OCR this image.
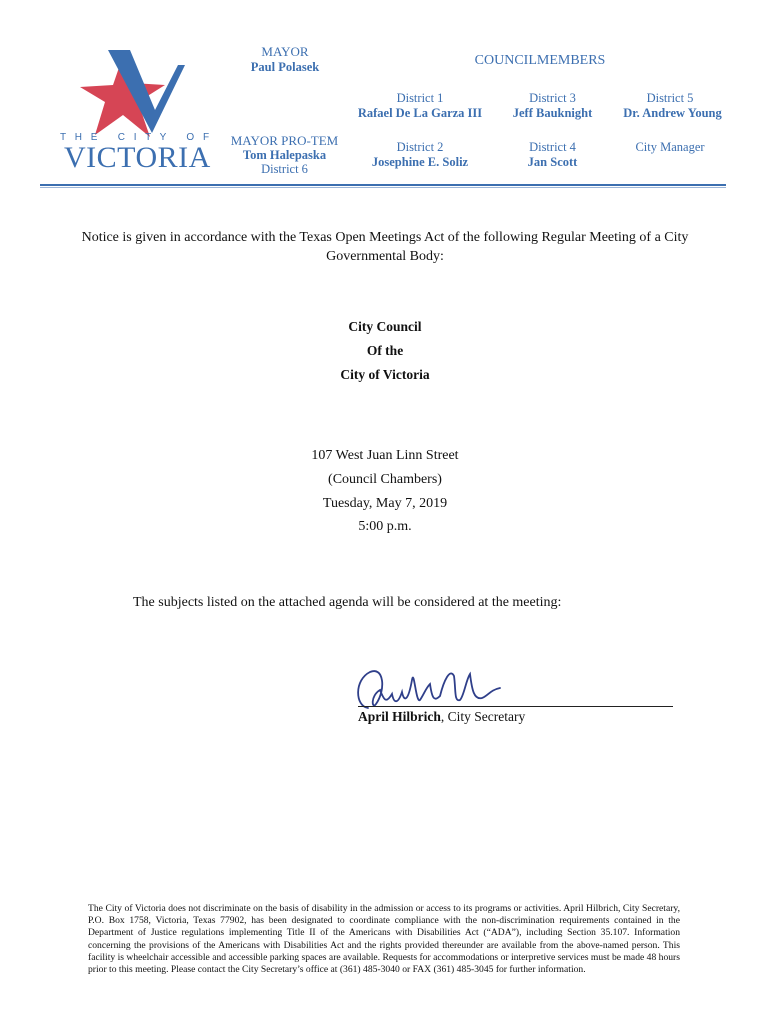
T H E   C I T Y   O F
VICTORIA
MAYOR
Paul Polasek
MAYOR PRO-TEM
Tom Halepaska
District 6
COUNCILMEMBERS
District 1
Rafael De La Garza III
District 3
Jeff Bauknight
District 5
Dr. Andrew Young
District 2
Josephine E. Soliz
District 4
Jan Scott
City Manager
Notice is given in accordance with the Texas Open Meetings Act of the following Regular Meeting of a City Governmental Body:
City Council
Of the
City of Victoria
107 West Juan Linn Street
(Council Chambers)
Tuesday, May 7, 2019
5:00 p.m.
The subjects listed on the attached agenda will be considered at the meeting:
April Hilbrich, City Secretary
The City of Victoria does not discriminate on the basis of disability in the admission or access to its programs or activities. April Hilbrich, City Secretary, P.O. Box 1758, Victoria, Texas 77902, has been designated to coordinate compliance with the non-discrimination requirements contained in the Department of Justice regulations implementing Title II of the Americans with Disabilities Act (“ADA”), including Section 35.107. Information concerning the provisions of the Americans with Disabilities Act and the rights provided thereunder are available from the above-named person. This facility is wheelchair accessible and accessible parking spaces are available. Requests for accommodations or interpretive services must be made 48 hours prior to this meeting. Please contact the City Secretary’s office at (361) 485-3040 or FAX (361) 485-3045 for further information.
